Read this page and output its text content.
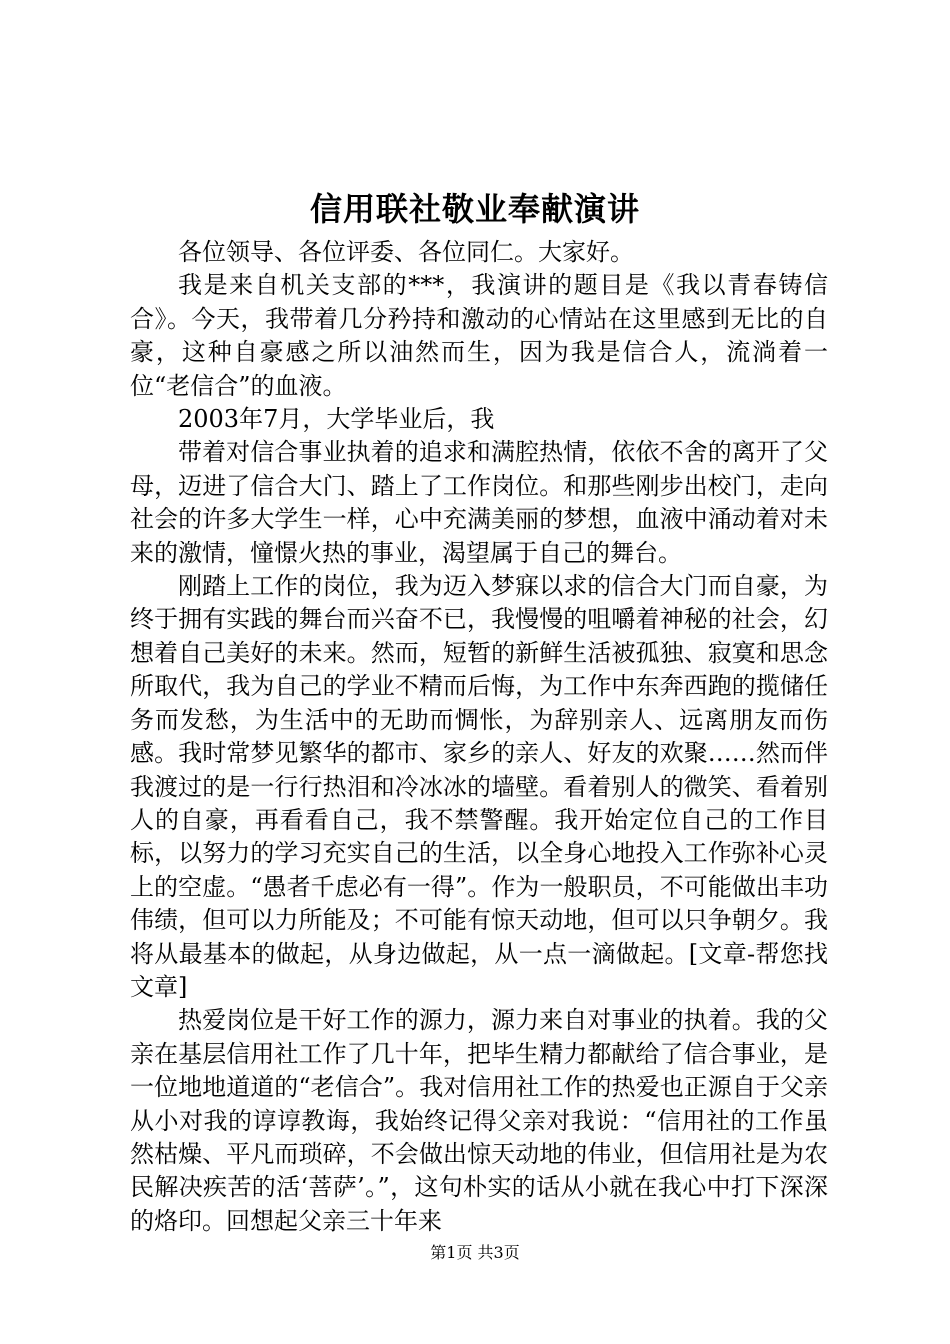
信用联社敬业奉献演讲

各位领导、各位评委、各位同仁。大家好。

我是来自机关支部的***，我演讲的题目是《我以青春铸信合》。今天，我带着几分矜持和激动的心情站在这里感到无比的自豪，这种自豪感之所以油然而生，因为我是信合人，流淌着一位“老信合”的血液。

2003年7月，大学毕业后，我

带着对信合事业执着的追求和满腔热情，依依不舍的离开了父母，迈进了信合大门、踏上了工作岗位。和那些刚步出校门，走向社会的许多大学生一样，心中充满美丽的梦想，血液中涌动着对未来的激情，憧憬火热的事业，渴望属于自己的舞台。

刚踏上工作的岗位，我为迈入梦寐以求的信合大门而自豪，为终于拥有实践的舞台而兴奋不已，我慢慢的咀嚼着神秘的社会，幻想着自己美好的未来。然而，短暂的新鲜生活被孤独、寂寞和思念所取代，我为自己的学业不精而后悔，为工作中东奔西跑的揽储任务而发愁，为生活中的无助而惆怅，为辞别亲人、远离朋友而伤感。我时常梦见繁华的都市、家乡的亲人、好友的欢聚……然而伴我渡过的是一行行热泪和冷冰冰的墙壁。看着别人的微笑、看着别人的自豪，再看看自己，我不禁警醒。我开始定位自己的工作目标，以努力的学习充实自己的生活，以全身心地投入工作弥补心灵上的空虚。“愚者千虑必有一得”。作为一般职员，不可能做出丰功伟绩，但可以力所能及；不可能有惊天动地，但可以只争朝夕。我将从最基本的做起，从身边做起，从一点一滴做起。[文章-帮您找文章]

热爱岗位是干好工作的源力，源力来自对事业的执着。我的父亲在基层信用社工作了几十年，把毕生精力都献给了信合事业，是一位地地道道的“老信合”。我对信用社工作的热爱也正源自于父亲从小对我的谆谆教诲，我始终记得父亲对我说：“信用社的工作虽然枯燥、平凡而琐碎，不会做出惊天动地的伟业，但信用社是为农民解决疾苦的活‘菩萨’。”，这句朴实的话从小就在我心中打下深深的烙印。回想起父亲三十年来

第1页 共3页
